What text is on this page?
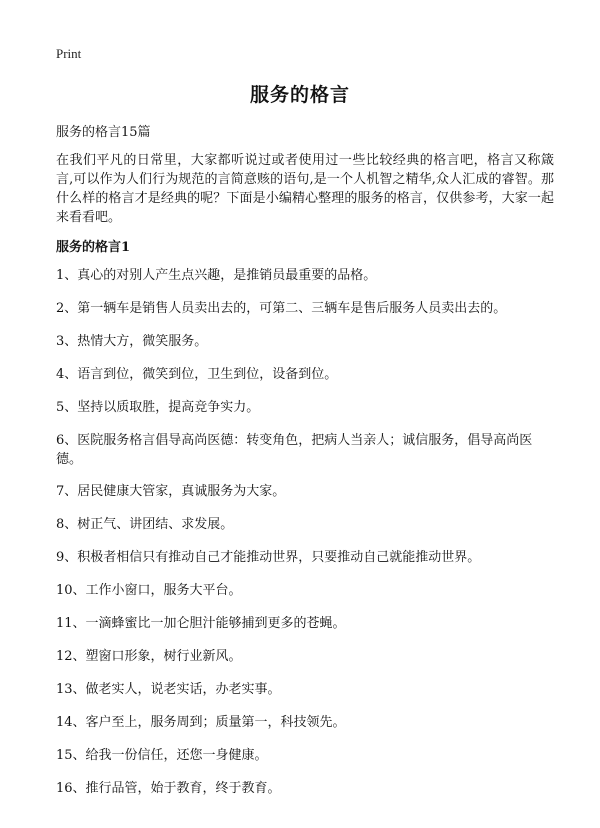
Print
服务的格言
服务的格言15篇
在我们平凡的日常里，大家都听说过或者使用过一些比较经典的格言吧，格言又称箴言,可以作为人们行为规范的言简意赅的语句,是一个人机智之精华,众人汇成的睿智。那什么样的格言才是经典的呢？下面是小编精心整理的服务的格言，仅供参考，大家一起来看看吧。
服务的格言1
1、真心的对别人产生点兴趣，是推销员最重要的品格。
2、第一辆车是销售人员卖出去的，可第二、三辆车是售后服务人员卖出去的。
3、热情大方，微笑服务。
4、语言到位，微笑到位，卫生到位，设备到位。
5、坚持以质取胜，提高竞争实力。
6、医院服务格言倡导高尚医德：转变角色，把病人当亲人；诚信服务，倡导高尚医德。
7、居民健康大管家，真诚服务为大家。
8、树正气、讲团结、求发展。
9、积极者相信只有推动自己才能推动世界，只要推动自己就能推动世界。
10、工作小窗口，服务大平台。
11、一滴蜂蜜比一加仑胆汁能够捕到更多的苍蝇。
12、塑窗口形象，树行业新风。
13、做老实人，说老实话，办老实事。
14、客户至上，服务周到；质量第一，科技领先。
15、给我一份信任，还您一身健康。
16、推行品管，始于教育，终于教育。
